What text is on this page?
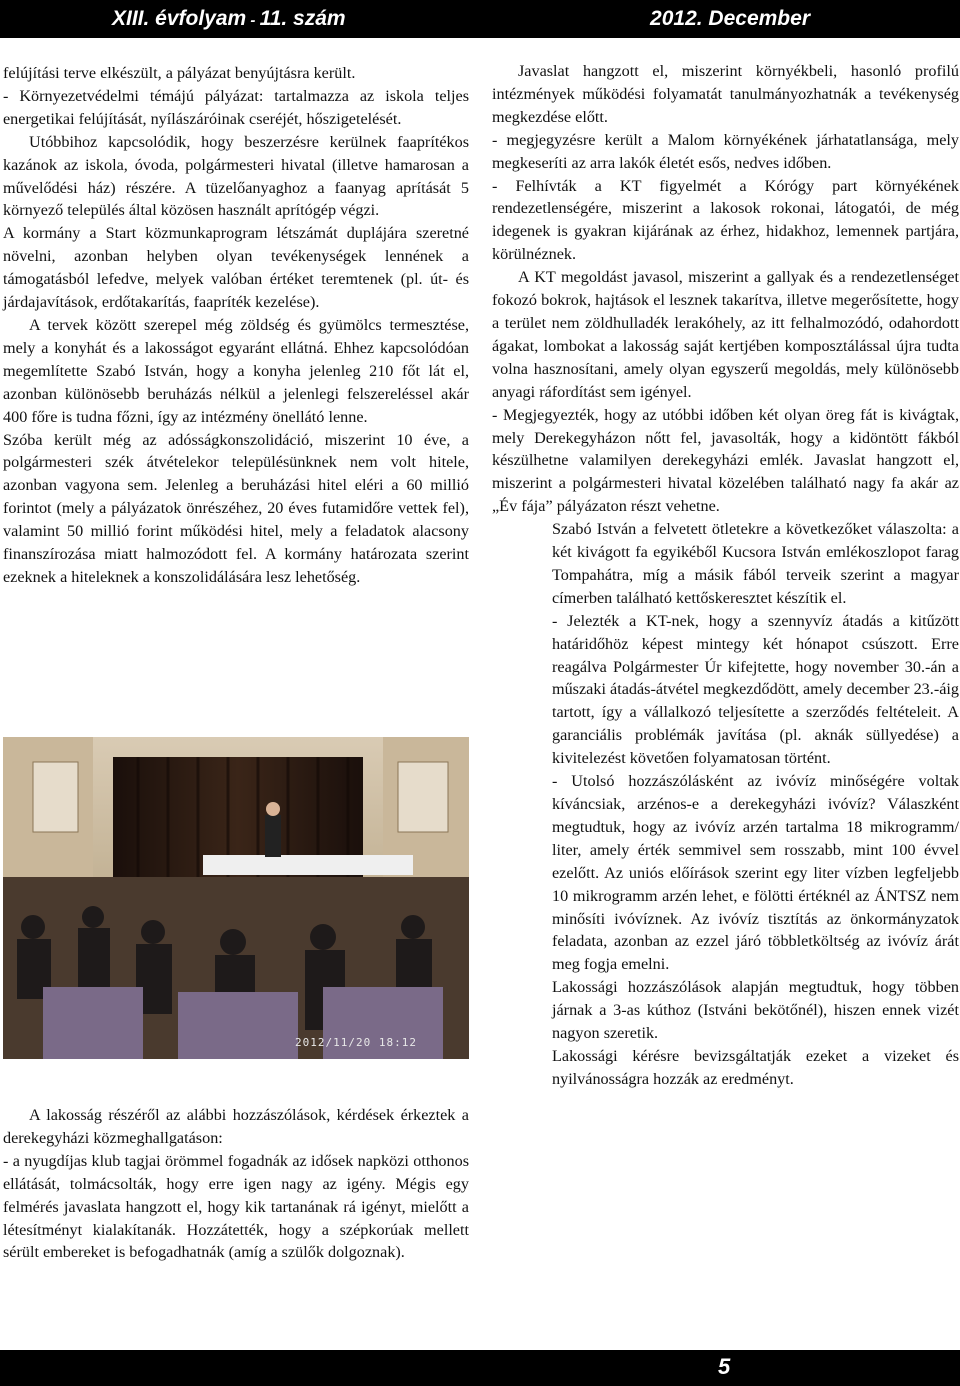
XIII. évfolyam - 11. szám	2012. December

felújítási terve elkészült, a pályázat benyújtásra került.

- Környezetvédelmi témájú pályázat: tartalmazza az iskola teljes energetikai felújítását, nyílászáróinak cseréjét, hőszigetelését.

Utóbbihoz kapcsolódik, hogy beszerzésre kerülnek faaprítékos kazánok az iskola, óvoda, polgármesteri hivatal (illetve hamarosan a művelődési ház) részére. A tüzelőanyaghoz a faanyag aprítását 5 környező település által közösen használt aprítógép végzi.

A kormány a Start közmunkaprogram létszámát duplájára szeretné növelni, azonban helyben olyan tevékenységek lennének a támogatásból lefedve, melyek valóban értéket teremtenek (pl. út- és járdajavítások, erdőtakarítás, faapríték kezelése).

A tervek között szerepel még zöldség és gyümölcs termesztése, mely a konyhát és a lakosságot egyaránt ellátná. Ehhez kapcsolódóan megemlítette Szabó István, hogy a konyha jelenleg 210 főt lát el, azonban különösebb beruházás nélkül a jelenlegi felszereléssel akár 400 főre is tudna főzni, így az intézmény önellátó lenne.

Szóba került még az adósságkonszolidáció, miszerint 10 éve, a polgármesteri szék átvételekor településünknek nem volt hitele, azonban vagyona sem. Jelenleg a beruházási hitel eléri a 60 millió forintot (mely a pályázatok önrészéhez, 20 éves futamidőre vettek fel), valamint 50 millió forint működési hitel, mely a feladatok alacsony finanszírozása miatt halmozódott fel. A kormány határozata szerint ezeknek a hiteleknek a konszolidálására lesz lehetőség.

2012/11/20 18:12

A lakosság részéről az alábbi hozzászólások, kérdések érkeztek a derekegyházi közmeghallgatáson:

- a nyugdíjas klub tagjai örömmel fogadnák az idősek napközi otthonos ellátását, tolmácsolták, hogy erre igen nagy az igény. Mégis egy felmérés javaslata hangzott el, hogy kik tartanának rá igényt, mielőtt a létesítményt kialakítanák. Hozzátették, hogy a szépkorúak mellett sérült embereket is befogadhatnák (amíg a szülők dolgoznak).

Javaslat hangzott el, miszerint környékbeli, hasonló profilú intézmények működési folyamatát tanulmányozhatnák a tevékenység megkezdése előtt.

- megjegyzésre került a Malom környékének járhatatlansága, mely megkeseríti az arra lakók életét esős, nedves időben.

- Felhívták a KT figyelmét a Kórógy part környékének rendezetlenségére, miszerint a lakosok rokonai, látogatói, de még idegenek is gyakran kijárának az érhez, hidakhoz, lemennek partjára, körülnéznek.

A KT megoldást javasol, miszerint a gallyak és a rendezetlenséget fokozó bokrok, hajtások el lesznek takarítva, illetve megerősítette, hogy a terület nem zöldhulladék lerakóhely, az itt felhalmozódó, odahordott ágakat, lombokat a lakosság saját kertjében komposztálással újra tudta volna hasznosítani, amely olyan egyszerű megoldás, mely különösebb anyagi ráfordítást sem igényel.

- Megjegyezték, hogy az utóbbi időben két olyan öreg fát is kivágtak, mely Derekegyházon nőtt fel, javasolták, hogy a kidöntött fákból készülhetne valamilyen derekegyházi emlék. Javaslat hangzott el, miszerint a polgármesteri hivatal közelében található nagy fa akár az „Év fája” pályázaton részt vehetne.

Szabó István a felvetett ötletekre a következőket válaszolta: a két kivágott fa egyikéből Kucsora István emlékoszlopot farag Tompahátra, míg a másik fából terveik szerint a magyar címerben található kettőskeresztet készítik el.

- Jelezték a KT-nek, hogy a szennyvíz átadás a kitűzött határidőhöz képest mintegy két hónapot csúszott. Erre reagálva Polgármester Úr kifejtette, hogy november 30.-án a műszaki átadás-átvétel megkezdődött, amely december 23.-áig tartott, így a vállalkozó teljesítette a szerződés feltételeit. A garanciális problémák javítása (pl. aknák süllyedése) a kivitelezést követően folyamatosan történt.

- Utolsó hozzászólásként az ivóvíz minőségére voltak kíváncsiak, arzénos-e a derekegyházi ivóvíz? Válaszként megtudtuk, hogy az ivóvíz arzén tartalma 18 mikrogramm/ liter, amely érték semmivel sem rosszabb, mint 100 évvel ezelőtt. Az uniós előírások szerint egy liter vízben legfeljebb 10 mikrogramm arzén lehet, e fölötti értéknél az ÁNTSZ nem minősíti ivóvíznek. Az ivóvíz tisztítás az önkormányzatok feladata, azonban az ezzel járó többletköltség az ivóvíz árát meg fogja emelni.

Lakossági hozzászólások alapján megtudtuk, hogy többen járnak a 3-as kúthoz (Istváni bekötőnél), hiszen ennek vizét nagyon szeretik.

Lakossági kérésre bevizsgáltatják ezeket a vizeket és nyilvánosságra hozzák az eredményt.

5
